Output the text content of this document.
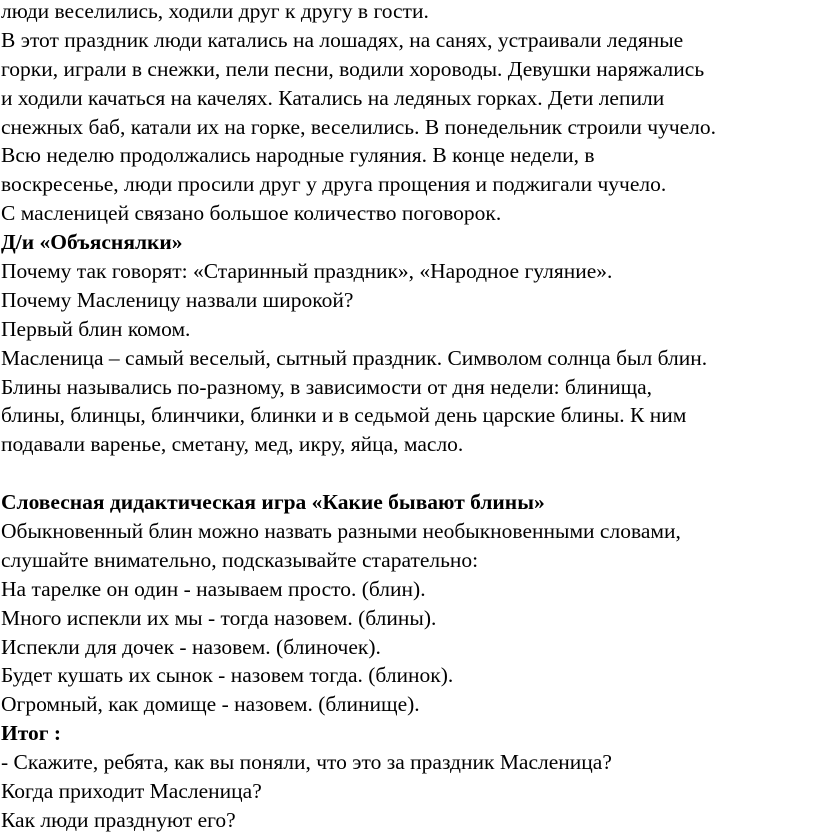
люди веселились, ходили друг к другу в гости.
В этот праздник люди катались на лошадях, на санях, устраивали ледяные
горки, играли в снежки, пели песни, водили хороводы. Девушки наряжались
и ходили качаться на качелях. Катались на ледяных горках. Дети лепили
снежных баб, катали их на горке, веселились. В понедельник строили чучело.
Всю неделю продолжались народные гуляния. В конце недели, в
воскресенье, люди просили друг у друга прощения и поджигали чучело.
С масленицей связано большое количество поговорок.
Д/и «Объяснялки»
Почему так говорят: «Старинный праздник», «Народное гуляние».
Почему Масленицу назвали широкой?
Первый блин комом.
Масленица – самый веселый, сытный праздник. Символом солнца был блин.
Блины назывались по-разному, в зависимости от дня недели: блинища,
блины, блинцы, блинчики, блинки и в седьмой день царские блины. К ним
подавали варенье, сметану, мед, икру, яйца, масло.
Словесная дидактическая игра «Какие бывают блины»
Обыкновенный блин можно назвать разными необыкновенными словами,
слушайте внимательно, подсказывайте старательно:
На тарелке он один - называем просто. (блин).
Много испекли их мы - тогда назовем. (блины).
Испекли для дочек - назовем. (блиночек).
Будет кушать их сынок - назовем тогда. (блинок).
Огромный, как домище - назовем. (блинище).
Итог :
- Скажите, ребята, как вы поняли, что это за праздник Масленица?
Когда приходит Масленица?
Как люди празднуют его?
